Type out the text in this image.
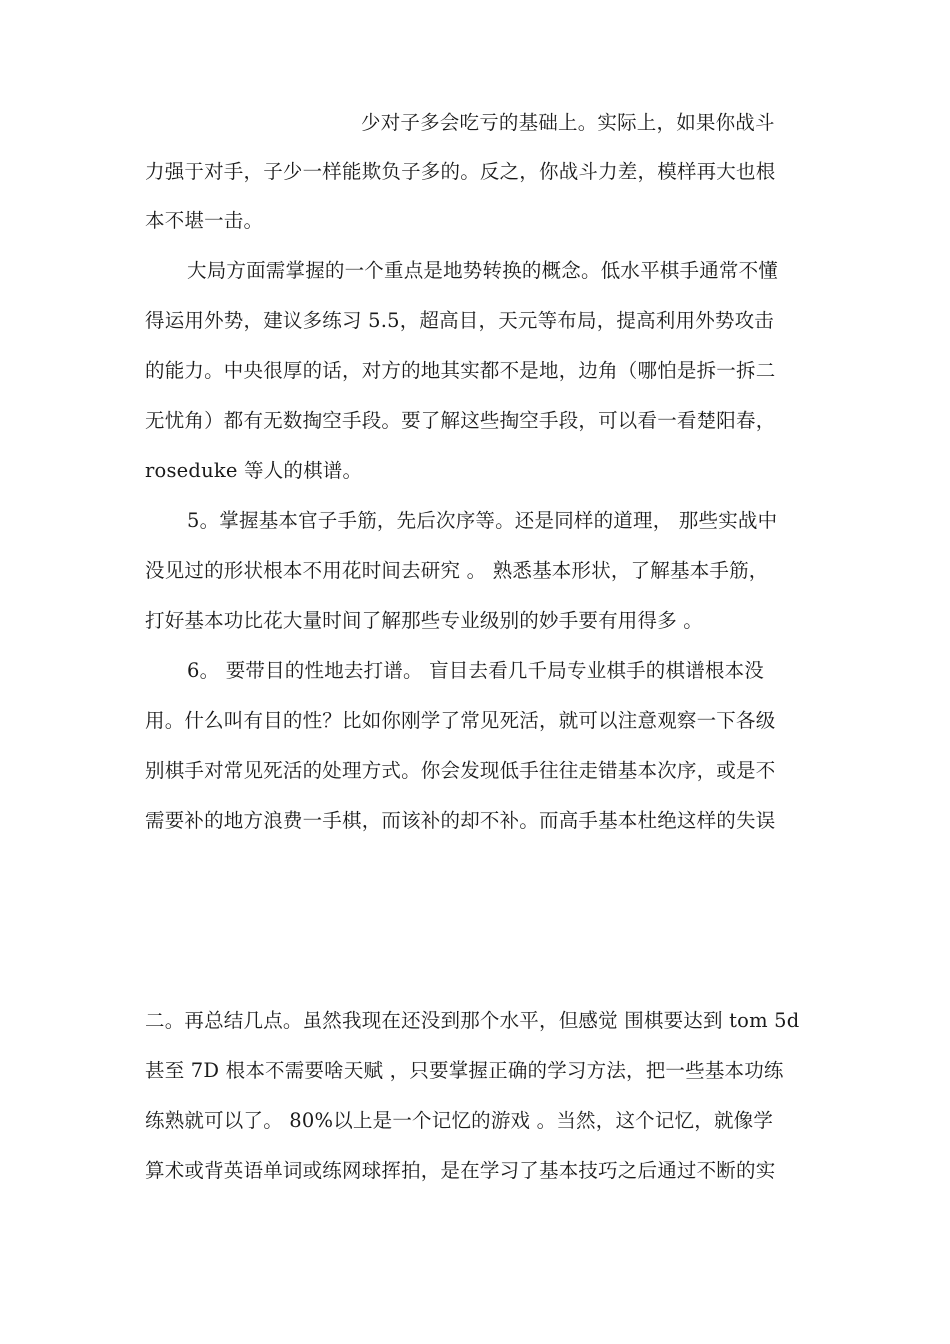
少对子多会吃亏的基础上。实际上，如果你战斗
力强于对手，子少一样能欺负子多的。反之，你战斗力差，模样再大也根
本不堪一击。
大局方面需掌握的一个重点是地势转换的概念。低水平棋手通常不懂
得运用外势，建议多练习 5.5，超高目，天元等布局，提高利用外势攻击
的能力。中央很厚的话，对方的地其实都不是地，边角（哪怕是拆一拆二
无忧角）都有无数掏空手段。要了解这些掏空手段，可以看一看楚阳春，
roseduke 等人的棋谱。
5。掌握基本官子手筋，先后次序等。还是同样的道理， 那些实战中
没见过的形状根本不用花时间去研究 。 熟悉基本形状，了解基本手筋，
打好基本功比花大量时间了解那些专业级别的妙手要有用得多 。
6。 要带目的性地去打谱。 盲目去看几千局专业棋手的棋谱根本没
用。什么叫有目的性？比如你刚学了常见死活，就可以注意观察一下各级
别棋手对常见死活的处理方式。你会发现低手往往走错基本次序，或是不
需要补的地方浪费一手棋，而该补的却不补。而高手基本杜绝这样的失误
二。再总结几点。虽然我现在还没到那个水平，但感觉 围棋要达到 tom 5d
甚至 7D 根本不需要啥天赋 ，只要掌握正确的学习方法，把一些基本功练
练熟就可以了。 80%以上是一个记忆的游戏 。当然，这个记忆，就像学
算术或背英语单词或练网球挥拍，是在学习了基本技巧之后通过不断的实
